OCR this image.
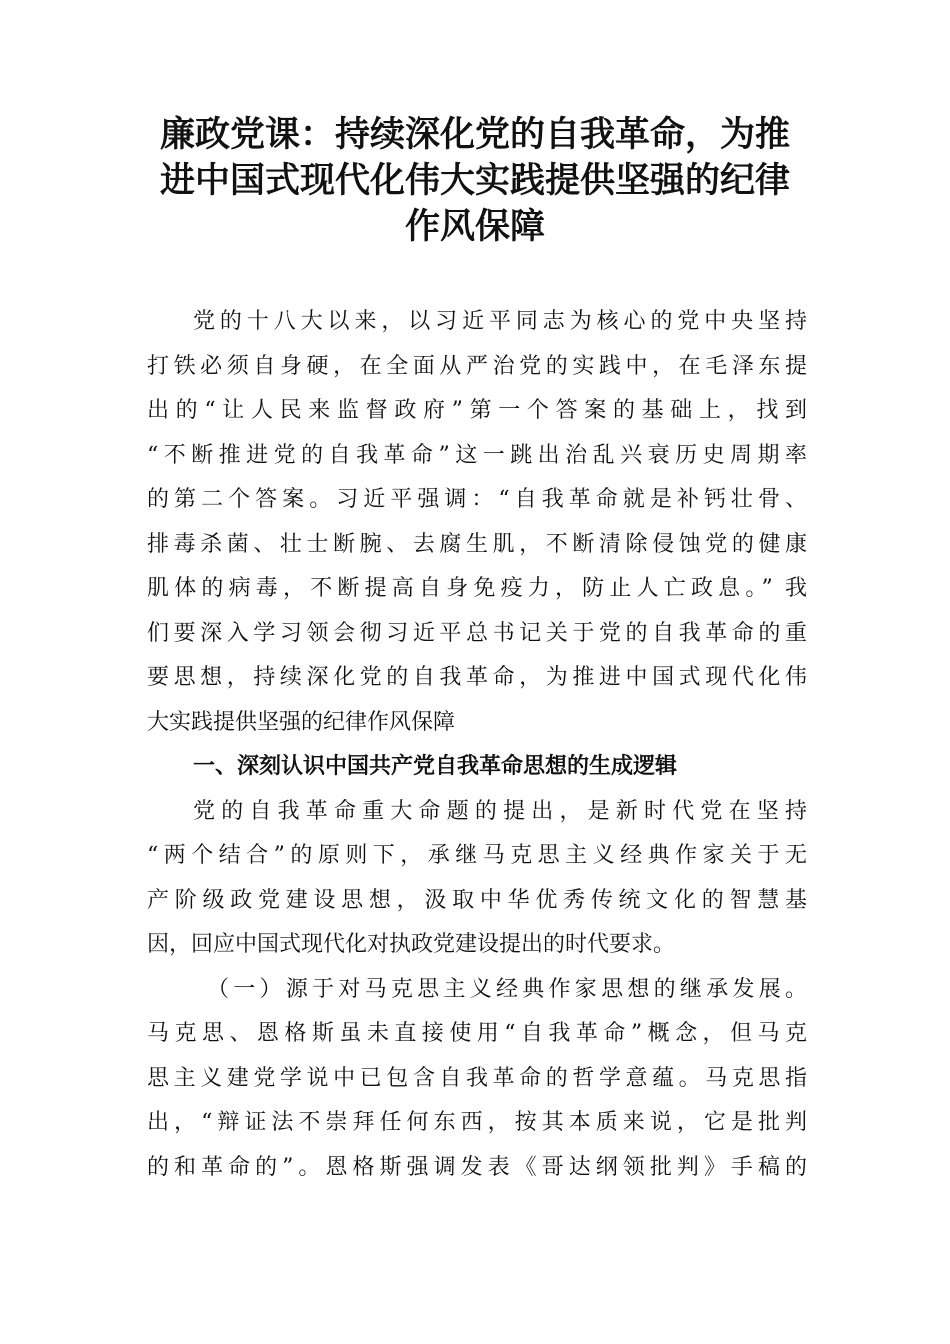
廉政党课：持续深化党的自我革命，为推
进中国式现代化伟大实践提供坚强的纪律
作风保障
党的十八大以来，以习近平同志为核心的党中央坚持
打铁必须自身硬，在全面从严治党的实践中，在毛泽东提
出的“让人民来监督政府”第一个答案的基础上，找到
“不断推进党的自我革命”这一跳出治乱兴衰历史周期率
的第二个答案。习近平强调：“自我革命就是补钙壮骨、
排毒杀菌、壮士断腕、去腐生肌，不断清除侵蚀党的健康
肌体的病毒，不断提高自身免疫力，防止人亡政息。” 我
们要深入学习领会彻习近平总书记关于党的自我革命的重
要思想，持续深化党的自我革命，为推进中国式现代化伟
大实践提供坚强的纪律作风保障
一、深刻认识中国共产党自我革命思想的生成逻辑
党的自我革命重大命题的提出，是新时代党在坚持
“两个结合”的原则下，承继马克思主义经典作家关于无
产阶级政党建设思想，汲取中华优秀传统文化的智慧基
因，回应中国式现代化对执政党建设提出的时代要求。
（一）源于对马克思主义经典作家思想的继承发展。
马克思、恩格斯虽未直接使用“自我革命”概念，但马克
思主义建党学说中已包含自我革命的哲学意蕴。马克思指
出，“辩证法不崇拜任何东西，按其本质来说，它是批判
的和革命的”。恩格斯强调发表《哥达纲领批判》手稿的
